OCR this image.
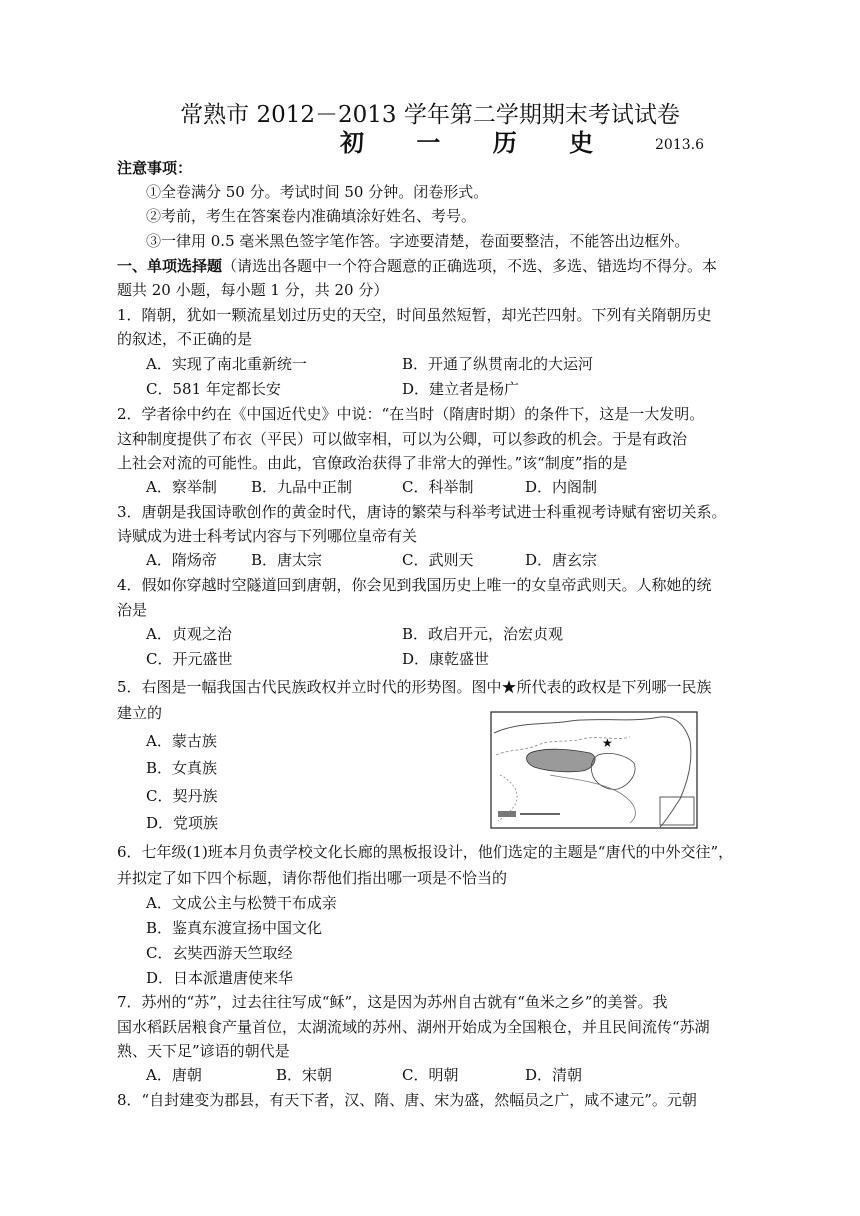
常熟市 2012－2013 学年第二学期期末考试试卷
初 一 历 史	2013.6
注意事项：
①全卷满分 50 分。考试时间 50 分钟。闭卷形式。
②考前，考生在答案卷内准确填涂好姓名、考号。
③一律用 0.5 毫米黑色签字笔作答。字迹要清楚，卷面要整洁，不能答出边框外。
一、单项选择题（请选出各题中一个符合题意的正确选项，不选、多选、错选均不得分。本
题共 20 小题，每小题 1 分，共 20 分）
1．隋朝，犹如一颗流星划过历史的天空，时间虽然短暂，却光芒四射。下列有关隋朝历史
的叙述，不正确的是
A．实现了南北重新统一	B．开通了纵贯南北的大运河
C．581 年定都长安	D．建立者是杨广
2．学者徐中约在《中国近代史》中说：“在当时（隋唐时期）的条件下，这是一大发明。
这种制度提供了布衣（平民）可以做宰相，可以为公卿，可以参政的机会。于是有政治
上社会对流的可能性。由此，官僚政治获得了非常大的弹性。”该“制度”指的是
A．察举制 B．九品中正制	C．科举制	D．内阁制
3．唐朝是我国诗歌创作的黄金时代，唐诗的繁荣与科举考试进士科重视考诗赋有密切关系。
诗赋成为进士科考试内容与下列哪位皇帝有关
A．隋炀帝 B．唐太宗	C．武则天	D．唐玄宗
4．假如你穿越时空隧道回到唐朝，你会见到我国历史上唯一的女皇帝武则天。人称她的统
治是
A．贞观之治	B．政启开元，治宏贞观
C．开元盛世	D．康乾盛世
5．右图是一幅我国古代民族政权并立时代的形势图。图中★所代表的政权是下列哪一民族
建立的
A．蒙古族
B．女真族
C．契丹族
D．党项族
★
6．七年级(1)班本月负责学校文化长廊的黑板报设计，他们选定的主题是“唐代的中外交往”，
并拟定了如下四个标题，请你帮他们指出哪一项是不恰当的
A．文成公主与松赞干布成亲
B．鉴真东渡宣扬中国文化
C．玄奘西游天竺取经
D．日本派遣唐使来华
7．苏州的“苏”，过去往往写成“稣”，这是因为苏州自古就有“鱼米之乡”的美誉。我
国水稻跃居粮食产量首位，太湖流域的苏州、湖州开始成为全国粮仓，并且民间流传“苏湖
熟、天下足”谚语的朝代是
A．唐朝	B．宋朝	C．明朝	D．清朝
8．“自封建变为郡县，有天下者，汉、隋、唐、宋为盛，然幅员之广，咸不逮元”。元朝
